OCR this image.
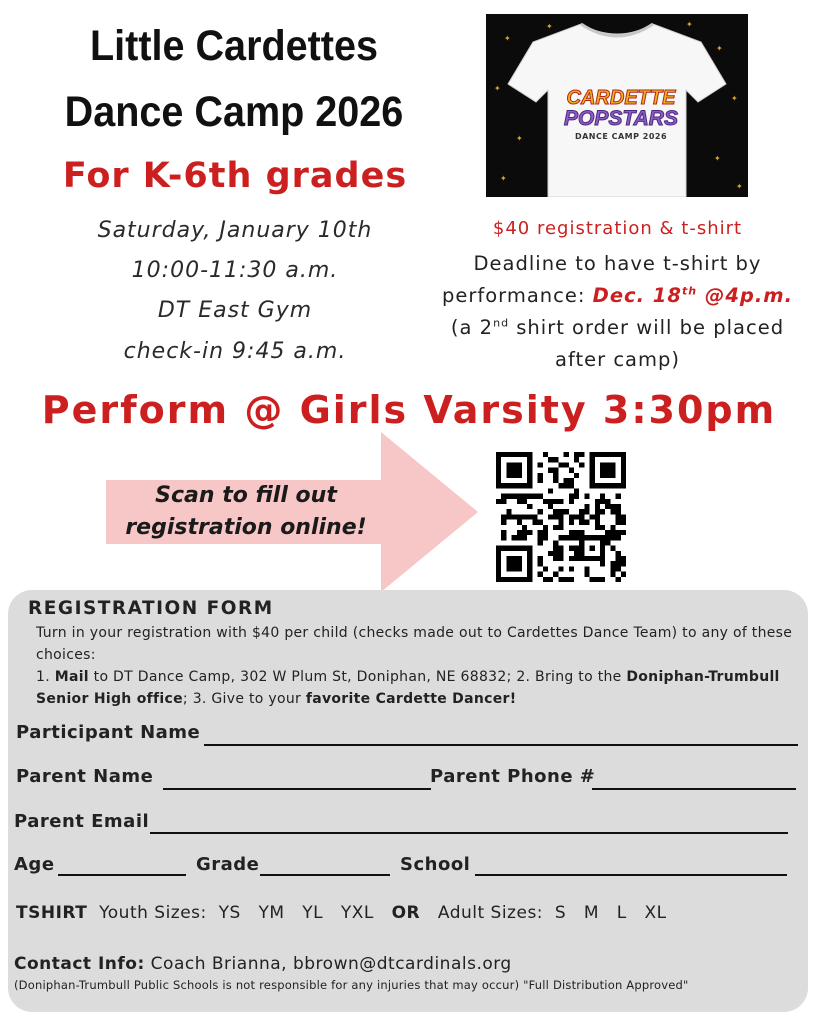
Little Cardettes
Dance Camp 2026
For K-6th grades
Saturday, January 10th
10:00-11:30 a.m.
DT East Gym
check-in 9:45 a.m.
✦
✦
✦
✦
✦
✦
✦
✦
✦	✦
CARDETTE
POPSTARS
DANCE CAMP 2026
$40 registration & t-shirt
Deadline to have t-shirt by
performance: Dec. 18th @4p.m.
(a 2nd shirt order will be placed
after camp)
Perform @ Girls Varsity 3:30pm
Scan to fill out
registration online!
REGISTRATION FORM
Turn in your registration with $40 per child (checks made out to Cardettes Dance Team) to any of these choices:
1. Mail to DT Dance Camp, 302 W Plum St, Doniphan, NE 68832; 2. Bring to the Doniphan-Trumbull Senior High office; 3. Give to your favorite Cardette Dancer!
Participant Name
Parent Name	Parent Phone #
Parent Email
Age	Grade	School
TSHIRT Youth Sizes: YS YM YL YXL OR Adult Sizes: S M L XL
Contact Info: Coach Brianna, bbrown@dtcardinals.org
(Doniphan-Trumbull Public Schools is not responsible for any injuries that may occur) "Full Distribution Approved"
